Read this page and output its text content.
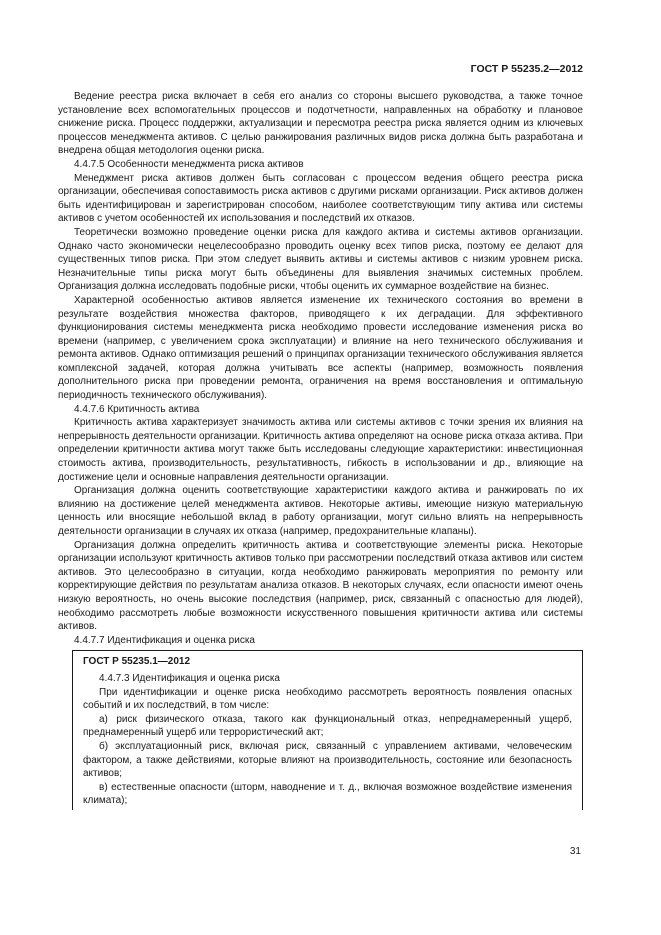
ГОСТ Р 55235.2—2012

Ведение реестра риска включает в себя его анализ со стороны высшего руководства, а также точное установление всех вспомогательных процессов и подотчетности, направленных на обработку и плановое снижение риска. Процесс поддержки, актуализации и пересмотра реестра риска является одним из ключевых процессов менеджмента активов. С целью ранжирования различных видов риска должна быть разработана и внедрена общая методология оценки риска.

4.4.7.5 Особенности менеджмента риска активов

Менеджмент риска активов должен быть согласован с процессом ведения общего реестра риска организации, обеспечивая сопоставимость риска активов с другими рисками организации. Риск активов должен быть идентифицирован и зарегистрирован способом, наиболее соответствующим типу актива или системы активов с учетом особенностей их использования и последствий их отказов.

Теоретически возможно проведение оценки риска для каждого актива и системы активов организации. Однако часто экономически нецелесообразно проводить оценку всех типов риска, поэтому ее делают для существенных типов риска. При этом следует выявить активы и системы активов с низким уровнем риска. Незначительные типы риска могут быть объединены для выявления значимых системных проблем. Организация должна исследовать подобные риски, чтобы оценить их суммарное воздействие на бизнес.

Характерной особенностью активов является изменение их технического состояния во времени в результате воздействия множества факторов, приводящего к их деградации. Для эффективного функционирования системы менеджмента риска необходимо провести исследование изменения риска во времени (например, с увеличением срока эксплуатации) и влияние на него технического обслуживания и ремонта активов. Однако оптимизация решений о принципах организации технического обслуживания является комплексной задачей, которая должна учитывать все аспекты (например, возможность появления дополнительного риска при проведении ремонта, ограничения на время восстановления и оптимальную периодичность технического обслуживания).

4.4.7.6 Критичность актива

Критичность актива характеризует значимость актива или системы активов с точки зрения их влияния на непрерывность деятельности организации. Критичность актива определяют на основе риска отказа актива. При определении критичности актива могут также быть исследованы следующие характеристики: инвестиционная стоимость актива, производительность, результативность, гибкость в использовании и др., влияющие на достижение цели и основные направления деятельности организации.

Организация должна оценить соответствующие характеристики каждого актива и ранжировать по их влиянию на достижение целей менеджмента активов. Некоторые активы, имеющие низкую материальную ценность или вносящие небольшой вклад в работу организации, могут сильно влиять на непрерывность деятельности организации в случаях их отказа (например, предохранительные клапаны).

Организация должна определить критичность актива и соответствующие элементы риска. Некоторые организации используют критичность активов только при рассмотрении последствий отказа активов или систем активов. Это целесообразно в ситуации, когда необходимо ранжировать мероприятия по ремонту или корректирующие действия по результатам анализа отказов. В некоторых случаях, если опасности имеют очень низкую вероятность, но очень высокие последствия (например, риск, связанный с опасностью для людей), необходимо рассмотреть любые возможности искусственного повышения критичности актива или системы активов.

4.4.7.7 Идентификация и оценка риска

ГОСТ Р 55235.1—2012

4.4.7.3 Идентификация и оценка риска

При идентификации и оценке риска необходимо рассмотреть вероятность появления опасных событий и их последствий, в том числе:

а) риск физического отказа, такого как функциональный отказ, непреднамеренный ущерб, преднамеренный ущерб или террористический акт;

б) эксплуатационный риск, включая риск, связанный с управлением активами, человеческим фактором, а также действиями, которые влияют на производительность, состояние или безопасность активов;

в) естественные опасности (шторм, наводнение и т. д., включая возможное воздействие изменения климата);

31
